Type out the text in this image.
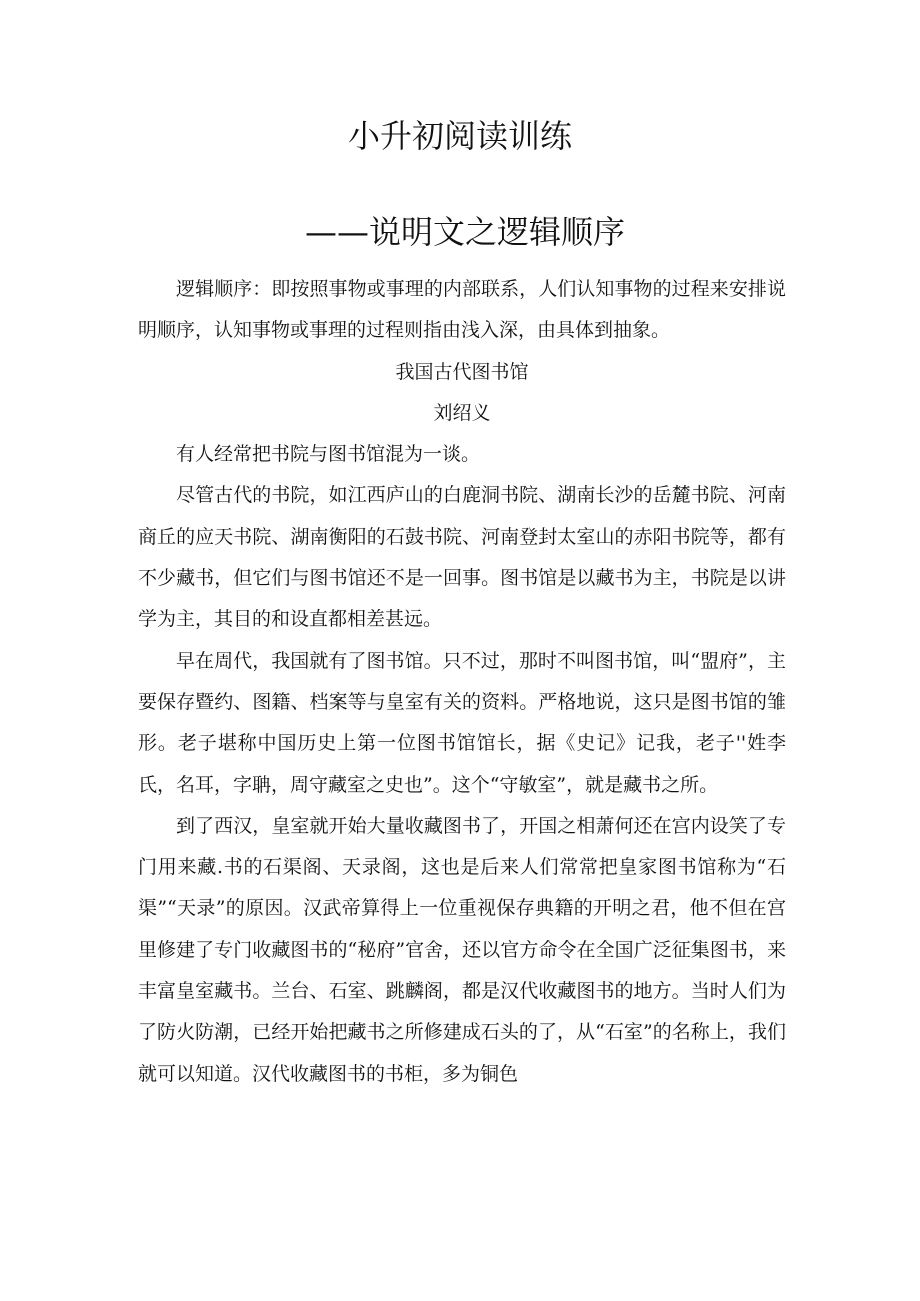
小升初阅读训练
——说明文之逻辑顺序

逻辑顺序：即按照事物或事理的内部联系，人们认知事物的过程来安排说明顺序，认知事物或事理的过程则指由浅入深，由具体到抽象。

我国古代图书馆

刘绍义

有人经常把书院与图书馆混为一谈。

尽管古代的书院，如江西庐山的白鹿洞书院、湖南长沙的岳麓书院、河南商丘的应天书院、湖南衡阳的石鼓书院、河南登封太室山的赤阳书院等，都有不少藏书，但它们与图书馆还不是一回事。图书馆是以藏书为主，书院是以讲学为主，其目的和设直都相差甚远。

早在周代，我国就有了图书馆。只不过，那时不叫图书馆，叫“盟府”，主要保存暨约、图籍、档案等与皇室有关的资料。严格地说，这只是图书馆的雏形。老子堪称中国历史上第一位图书馆馆长，据《史记》记我，老子''姓李氏，名耳，字聃，周守藏室之史也”。这个“守敏室”，就是藏书之所。

到了西汉，皇室就开始大量收藏图书了，开国之相萧何还在宫内设笑了专门用来藏.书的石渠阁、天录阁，这也是后来人们常常把皇家图书馆称为“石渠”“天录”的原因。汉武帝算得上一位重视保存典籍的开明之君，他不但在宫里修建了专门收藏图书的“秘府”官舍，还以官方命令在全国广泛征集图书，来丰富皇室藏书。兰台、石室、跳麟阁，都是汉代收藏图书的地方。当时人们为了防火防潮，已经开始把藏书之所修建成石头的了，从“石室”的名称上，我们就可以知道。汉代收藏图书的书柜，多为铜色
